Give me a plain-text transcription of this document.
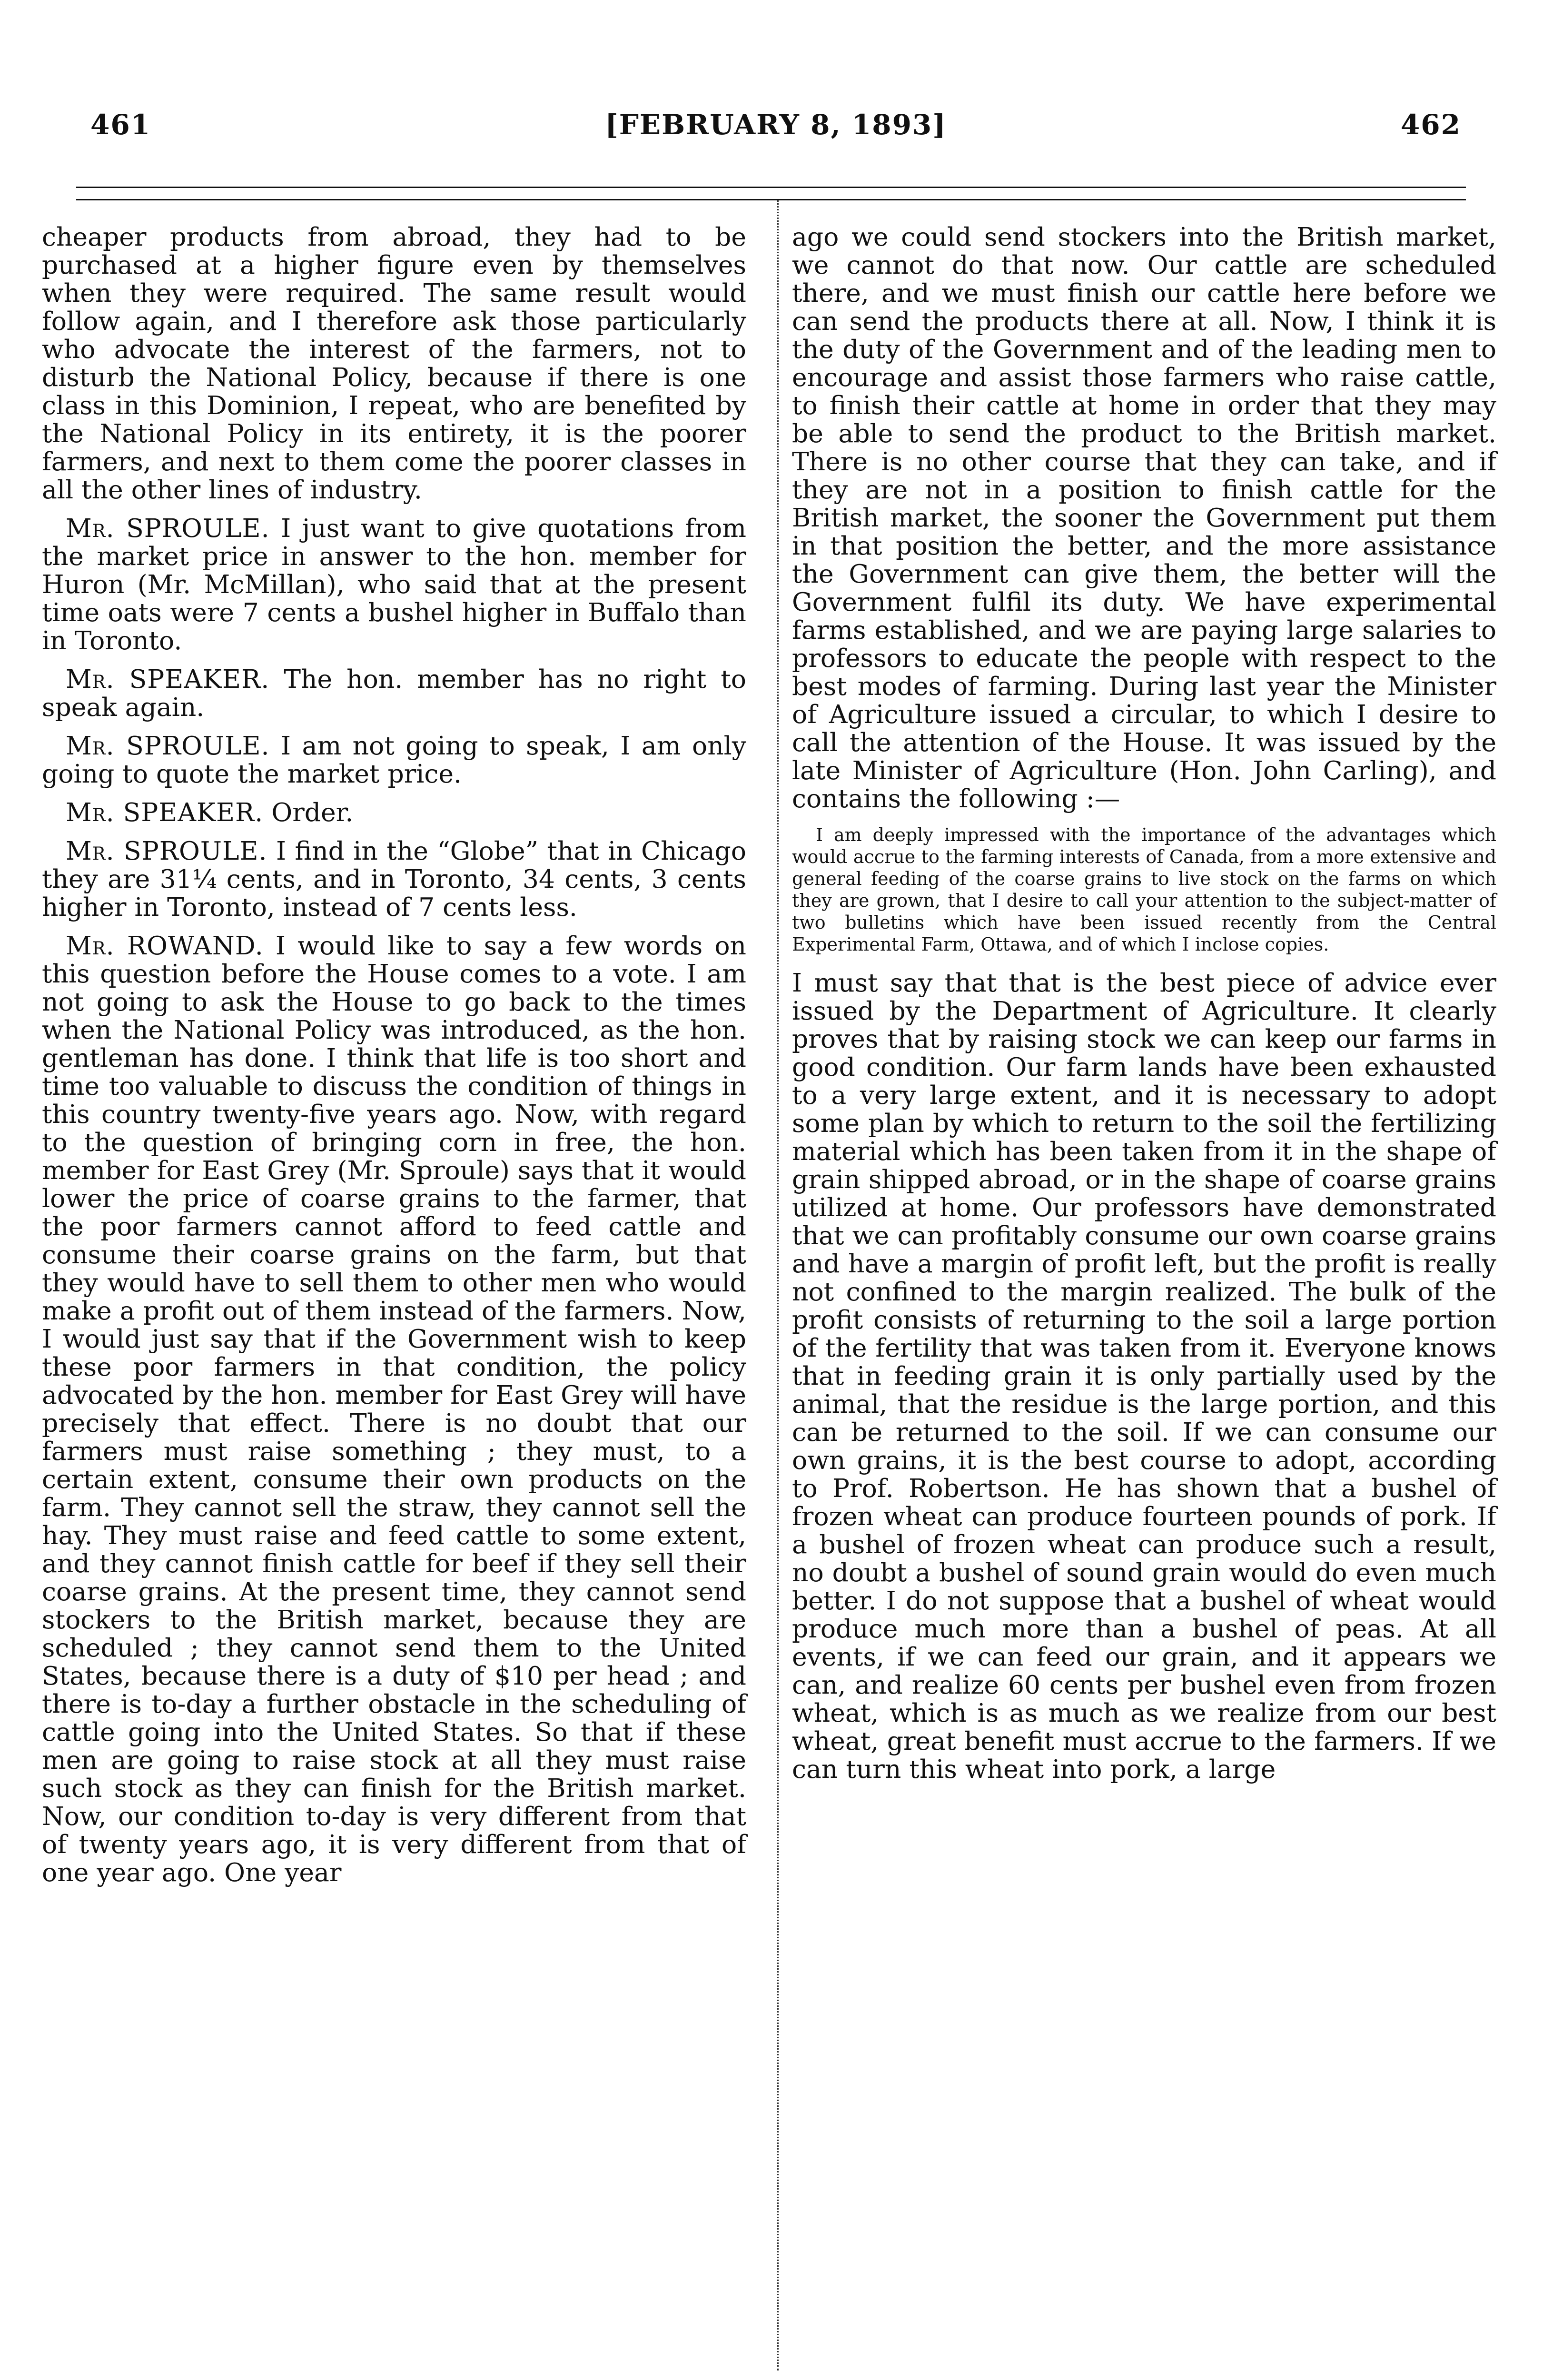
461	[FEBRUARY 8, 1893]	462

cheaper products from abroad, they had to be purchased at a higher figure even by themselves when they were required. The same result would follow again, and I therefore ask those particularly who advocate the interest of the farmers, not to disturb the National Policy, because if there is one class in this Dominion, I repeat, who are benefited by the National Policy in its entirety, it is the poorer farmers, and next to them come the poorer classes in all the other lines of industry.

Mr. SPROULE. I just want to give quotations from the market price in answer to the hon. member for Huron (Mr. McMillan), who said that at the present time oats were 7 cents a bushel higher in Buffalo than in Toronto.

Mr. SPEAKER. The hon. member has no right to speak again.

Mr. SPROULE. I am not going to speak, I am only going to quote the market price.

Mr. SPEAKER. Order.

Mr. SPROULE. I find in the “Globe” that in Chicago they are 31¼ cents, and in Toronto, 34 cents, 3 cents higher in Toronto, instead of 7 cents less.

Mr. ROWAND. I would like to say a few words on this question before the House comes to a vote. I am not going to ask the House to go back to the times when the National Policy was introduced, as the hon. gentleman has done. I think that life is too short and time too valuable to discuss the condition of things in this country twenty-five years ago. Now, with regard to the question of bringing corn in free, the hon. member for East Grey (Mr. Sproule) says that it would lower the price of coarse grains to the farmer, that the poor farmers cannot afford to feed cattle and consume their coarse grains on the farm, but that they would have to sell them to other men who would make a profit out of them instead of the farmers. Now, I would just say that if the Government wish to keep these poor farmers in that condition, the policy advocated by the hon. member for East Grey will have precisely that effect. There is no doubt that our farmers must raise something ; they must, to a certain extent, consume their own products on the farm. They cannot sell the straw, they cannot sell the hay. They must raise and feed cattle to some extent, and they cannot finish cattle for beef if they sell their coarse grains. At the present time, they cannot send stockers to the British market, because they are scheduled ; they cannot send them to the United States, because there is a duty of $10 per head ; and there is to-day a further obstacle in the scheduling of cattle going into the United States. So that if these men are going to raise stock at all they must raise such stock as they can finish for the British market. Now, our condition to-day is very different from that of twenty years ago, it is very different from that of one year ago. One year

ago we could send stockers into the British market, we cannot do that now. Our cattle are scheduled there, and we must finish our cattle here before we can send the products there at all. Now, I think it is the duty of the Government and of the leading men to encourage and assist those farmers who raise cattle, to finish their cattle at home in order that they may be able to send the product to the British market. There is no other course that they can take, and if they are not in a position to finish cattle for the British market, the sooner the Government put them in that position the better, and the more assistance the Government can give them, the better will the Government fulfil its duty. We have experimental farms established, and we are paying large salaries to professors to educate the people with respect to the best modes of farming. During last year the Minister of Agriculture issued a circular, to which I desire to call the attention of the House. It was issued by the late Minister of Agriculture (Hon. John Carling), and contains the following :—

I am deeply impressed with the importance of the advantages which would accrue to the farming interests of Canada, from a more extensive and general feeding of the coarse grains to live stock on the farms on which they are grown, that I desire to call your attention to the subject-matter of two bulletins which have been issued recently from the Central Experimental Farm, Ottawa, and of which I inclose copies.

I must say that that is the best piece of advice ever issued by the Department of Agriculture. It clearly proves that by raising stock we can keep our farms in good condition. Our farm lands have been exhausted to a very large extent, and it is necessary to adopt some plan by which to return to the soil the fertilizing material which has been taken from it in the shape of grain shipped abroad, or in the shape of coarse grains utilized at home. Our professors have demonstrated that we can profitably consume our own coarse grains and have a margin of profit left, but the profit is really not confined to the margin realized. The bulk of the profit consists of returning to the soil a large portion of the fertility that was taken from it. Everyone knows that in feeding grain it is only partially used by the animal, that the residue is the large portion, and this can be returned to the soil. If we can consume our own grains, it is the best course to adopt, according to Prof. Robertson. He has shown that a bushel of frozen wheat can produce fourteen pounds of pork. If a bushel of frozen wheat can produce such a result, no doubt a bushel of sound grain would do even much better. I do not suppose that a bushel of wheat would produce much more than a bushel of peas. At all events, if we can feed our grain, and it appears we can, and realize 60 cents per bushel even from frozen wheat, which is as much as we realize from our best wheat, great benefit must accrue to the farmers. If we can turn this wheat into pork, a large
